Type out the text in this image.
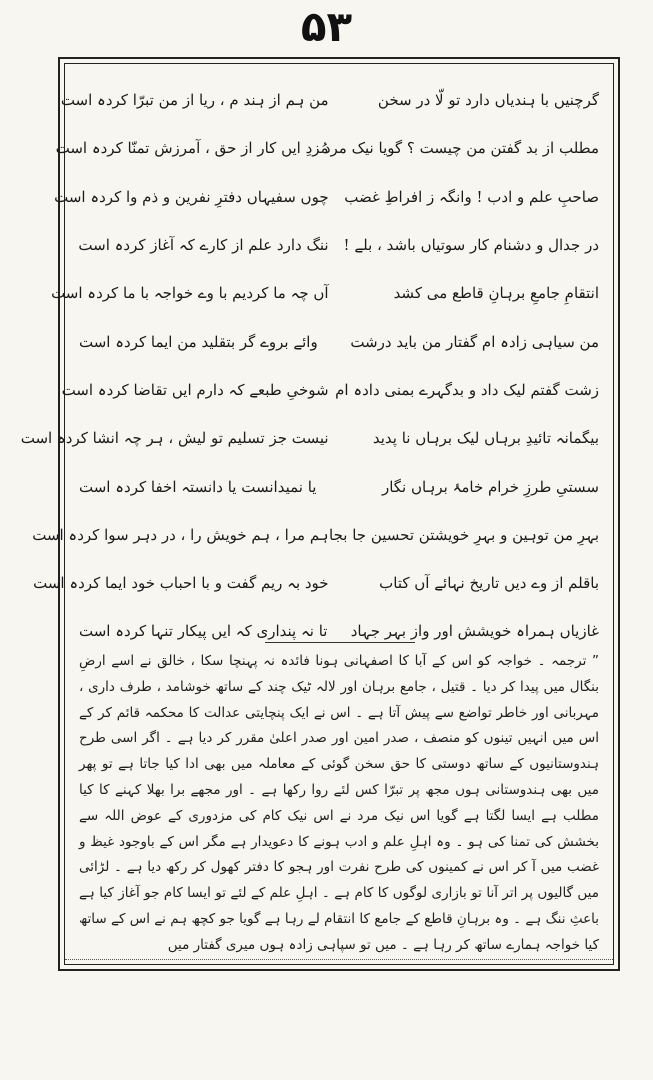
۵۳
گرچنیں با ہندیاں دارد تو لّا در سخن
من ہم از ہند م ، ریا از من تبرّا کردہ است
مطلب از بد گفتن من چیست ؟ گویا نیک مرد
مُزدِ ایں کار از حق ، آمرزش تمنّا کردہ است
صاحبِ علم و ادب ! وانگہ ز افراطِ غضب
چوں سفیہاں دفترِ نفرین و ذم وا کردہ است
در جدال و دشنام کار سوتیاں باشد ، بلے !
ننگ دارد علم از کارے کہ آغاز کردہ است
انتقامِ جامعِ برہانِ قاطع می کشد
آں چہ ما کردیم با وے خواجہ با ما کردہ است
من سیاہی زادہ ام گفتار من باید درشت
وائے بروے گر بتقلید من ایما کردہ است
زشت گفتم لیک داد و بدگہرے بمنی دادہ ام
شوخیِ طبعے کہ دارم ایں تقاضا کردہ است
بیگمانہ تائیدِ برہاں لیک برہاں نا پدید
نیست جز تسلیم تو لیش ، ہر چہ انشا کردہ است
سستیِ طرزِ خرام خامۂ برہاں نگار
یا نمیدانست یا دانستہ اخفا کردہ است
بہرِ من توہین و بہرِ خویشتن تحسین جا بجا
ہم مرا ، ہم خویش را ، در دہر سوا کردہ است
باقلم از وے دیں تاریخ نہائے آں کتاب
خود بہ ریم گفت و با احباب خود ایما کردہ است
غازیاں ہمراہ خویشش اور واز بہر جہاد
تا نہ پنداری کہ ایں پیکار تنہا کردہ است

” ترجمہ ۔ خواجہ کو اس کے آبا کا اصفہانی ہونا فائدہ نہ پہنچا سکا ، خالق نے اسے ارضِ بنگال میں پیدا کر دیا ۔ قتیل ، جامع برہان اور لالہ ٹیک چند کے ساتھ خوشامد ، طرف داری ، مہربانی اور خاطر تواضع سے پیش آتا ہے ۔ اس نے ایک پنچایتی عدالت کا محکمہ قائم کر کے اس میں انہیں تینوں کو منصف ، صدر امین اور صدر اعلیٰ مقرر کر دیا ہے ۔ اگر اسی طرح ہندوستانیوں کے ساتھ دوستی کا حق سخن گوئی کے معاملہ میں بھی ادا کیا جاتا ہے تو پھر میں بھی ہندوستانی ہوں مجھ پر تبرّا کس لئے روا رکھا ہے ۔ اور مجھے برا بھلا کہنے کا کیا مطلب ہے ایسا لگتا ہے گویا اس نیک مرد نے اس نیک کام کی مزدوری کے عوض اللہ سے بخشش کی تمنا کی ہو ۔ وہ اہلِ علم و ادب ہونے کا دعویدار ہے مگر اس کے باوجود غیظ و غضب میں آ کر اس نے کمینوں کی طرح نفرت اور ہجو کا دفتر کھول کر رکھ دیا ہے ۔ لڑائی میں گالیوں پر اتر آنا تو بازاری لوگوں کا کام ہے ۔ اہلِ علم کے لئے تو ایسا کام جو آغاز کیا ہے باعثِ ننگ ہے ۔ وہ برہانِ قاطع کے جامع کا انتقام لے رہا ہے گویا جو کچھ ہم نے اس کے ساتھ کیا خواجہ ہمارے ساتھ کر رہا ہے ۔ میں تو سپاہی زادہ ہوں میری گفتار میں
